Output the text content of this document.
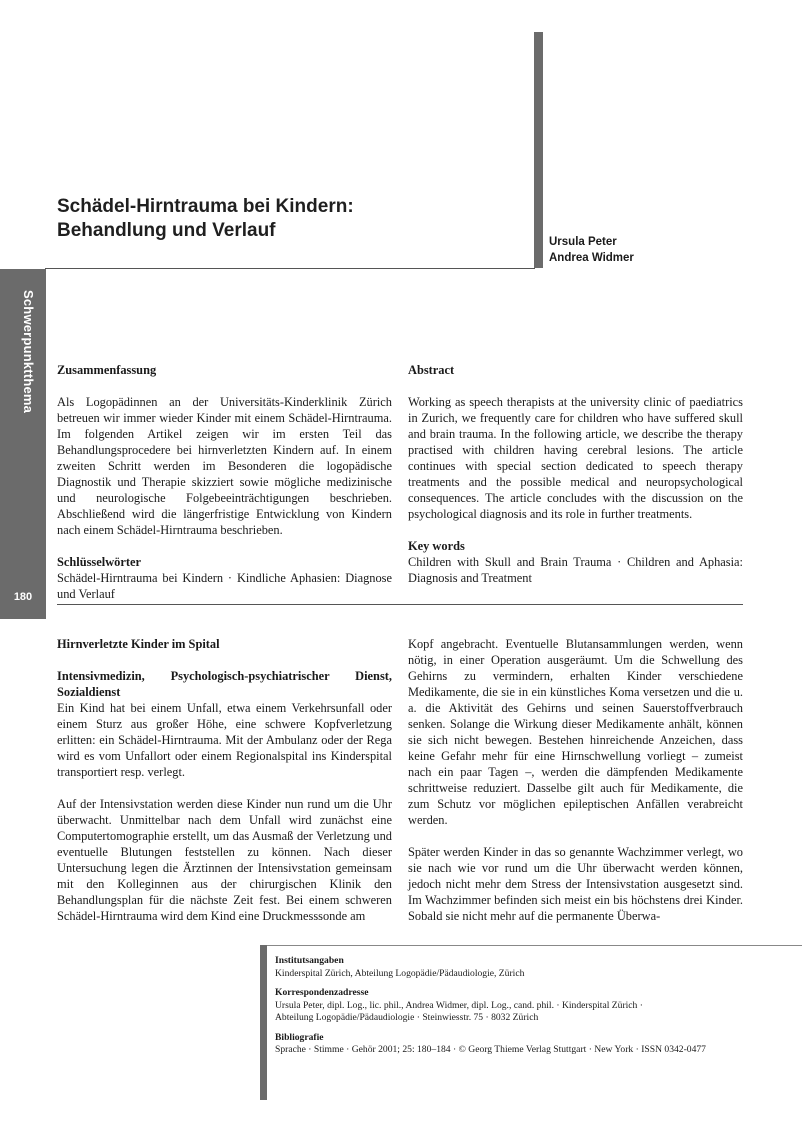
Schädel-Hirntrauma bei Kindern:
Behandlung und Verlauf
Ursula Peter
Andrea Widmer
Schwerpunktthema
180
Zusammenfassung

Als Logopädinnen an der Universitäts-Kinderklinik Zürich betreuen wir immer wieder Kinder mit einem Schädel-Hirntrauma. Im folgenden Artikel zeigen wir im ersten Teil das Behandlungsprocedere bei hirnverletzten Kindern auf. In einem zweiten Schritt werden im Besonderen die logopädische Diagnostik und Therapie skizziert sowie mögliche medizinische und neurologische Folgebeeinträchtigungen beschrieben. Abschließend wird die längerfristige Entwicklung von Kindern nach einem Schädel-Hirntrauma beschrieben.

Schlüsselwörter

Schädel-Hirntrauma bei Kindern · Kindliche Aphasien: Diagnose und Verlauf

Abstract

Working as speech therapists at the university clinic of paediatrics in Zurich, we frequently care for children who have suffered skull and brain trauma. In the following article, we describe the therapy practised with children having cerebral lesions. The article continues with special section dedicated to speech therapy treatments and the possible medical and neuropsychological consequences. The article concludes with the discussion on the psychological diagnosis and its role in further treatments.

Key words

Children with Skull and Brain Trauma · Children and Aphasia: Diagnosis and Treatment

Hirnverletzte Kinder im Spital
Intensivmedizin, Psychologisch-psychiatrischer Dienst, Sozialdienst

Ein Kind hat bei einem Unfall, etwa einem Verkehrsunfall oder einem Sturz aus großer Höhe, eine schwere Kopfverletzung erlitten: ein Schädel-Hirntrauma. Mit der Ambulanz oder der Rega wird es vom Unfallort oder einem Regionalspital ins Kinderspital transportiert resp. verlegt.

Auf der Intensivstation werden diese Kinder nun rund um die Uhr überwacht. Unmittelbar nach dem Unfall wird zunächst eine Computertomographie erstellt, um das Ausmaß der Verletzung und eventuelle Blutungen feststellen zu können. Nach dieser Untersuchung legen die Ärztinnen der Intensivstation gemeinsam mit den Kolleginnen aus der chirurgischen Klinik den Behandlungsplan für die nächste Zeit fest. Bei einem schweren Schädel-Hirntrauma wird dem Kind eine Druckmesssonde am

Kopf angebracht. Eventuelle Blutansammlungen werden, wenn nötig, in einer Operation ausgeräumt. Um die Schwellung des Gehirns zu vermindern, erhalten Kinder verschiedene Medikamente, die sie in ein künstliches Koma versetzen und die u. a. die Aktivität des Gehirns und seinen Sauerstoffverbrauch senken. Solange die Wirkung dieser Medikamente anhält, können sie sich nicht bewegen. Bestehen hinreichende Anzeichen, dass keine Gefahr mehr für eine Hirnschwellung vorliegt – zumeist nach ein paar Tagen –, werden die dämpfenden Medikamente schrittweise reduziert. Dasselbe gilt auch für Medikamente, die zum Schutz vor möglichen epileptischen Anfällen verabreicht werden.

Später werden Kinder in das so genannte Wachzimmer verlegt, wo sie nach wie vor rund um die Uhr überwacht werden können, jedoch nicht mehr dem Stress der Intensivstation ausgesetzt sind. Im Wachzimmer befinden sich meist ein bis höchstens drei Kinder. Sobald sie nicht mehr auf die permanente Überwa-

Institutsangaben
Kinderspital Zürich, Abteilung Logopädie/Pädaudiologie, Zürich
Korrespondenzadresse
Ursula Peter, dipl. Log., lic. phil., Andrea Widmer, dipl. Log., cand. phil. · Kinderspital Zürich ·
Abteilung Logopädie/Pädaudiologie · Steinwiesstr. 75 · 8032 Zürich
Bibliografie
Sprache · Stimme · Gehör 2001; 25: 180–184 · © Georg Thieme Verlag Stuttgart · New York · ISSN 0342-0477
